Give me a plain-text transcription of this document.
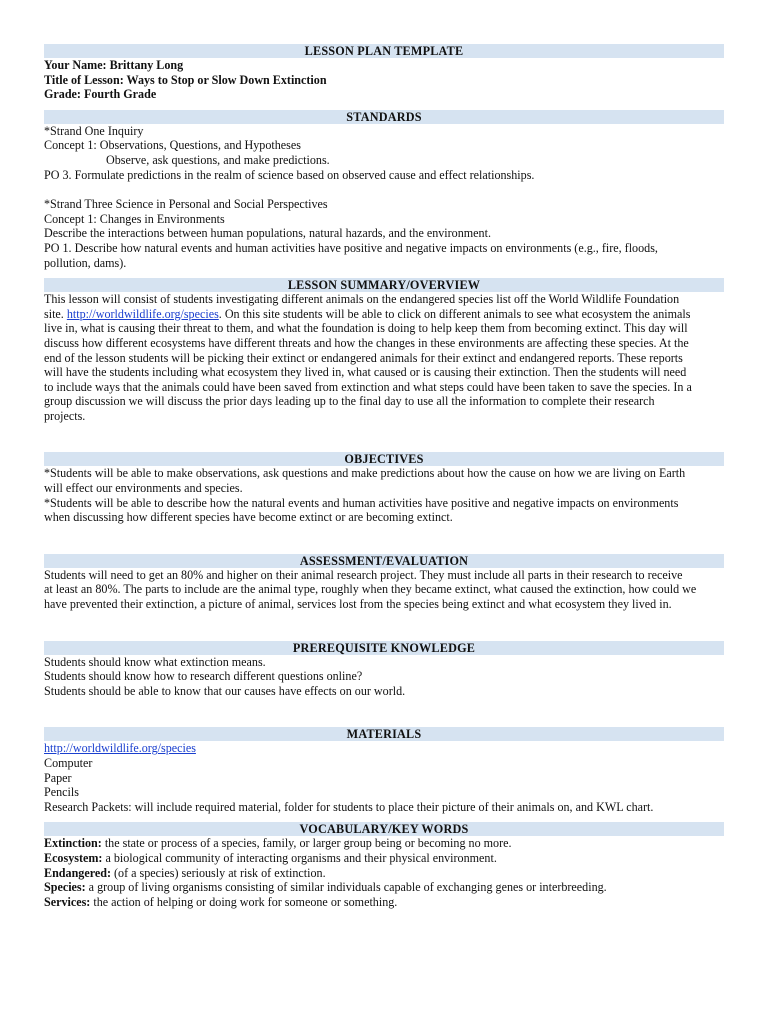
LESSON PLAN TEMPLATE
Your Name: Brittany Long
Title of Lesson: Ways to Stop or Slow Down Extinction
Grade: Fourth Grade
STANDARDS
*Strand One Inquiry
Concept 1: Observations, Questions, and Hypotheses
Observe, ask questions, and make predictions.
PO 3. Formulate predictions in the realm of science based on observed cause and effect relationships.
*Strand Three Science in Personal and Social Perspectives
Concept 1: Changes in Environments
Describe the interactions between human populations, natural hazards, and the environment.
PO 1. Describe how natural events and human activities have positive and negative impacts on environments (e.g., fire, floods,
pollution, dams).
LESSON SUMMARY/OVERVIEW
This lesson will consist of students investigating different animals on the endangered species list off the World Wildlife Foundation
site. http://worldwildlife.org/species. On this site students will be able to click on different animals to see what ecosystem the animals
live in, what is causing their threat to them, and what the foundation is doing to help keep them from becoming extinct. This day will
discuss how different ecosystems have different threats and how the changes in these environments are affecting these species. At the
end of the lesson students will be picking their extinct or endangered animals for their extinct and endangered reports. These reports
will have the students including what ecosystem they lived in, what caused or is causing their extinction. Then the students will need
to include ways that the animals could have been saved from extinction and what steps could have been taken to save the species. In a
group discussion we will discuss the prior days leading up to the final day to use all the information to complete their research
projects.
OBJECTIVES
*Students will be able to make observations, ask questions and make predictions about how the cause on how we are living on Earth
will effect our environments and species.
*Students will be able to describe how the natural events and human activities have positive and negative impacts on environments
when discussing how different species have become extinct or are becoming extinct.
ASSESSMENT/EVALUATION
Students will need to get an 80% and higher on their animal research project. They must include all parts in their research to receive
at least an 80%. The parts to include are the animal type, roughly when they became extinct, what caused the extinction, how could we
have prevented their extinction, a picture of animal, services lost from the species being extinct and what ecosystem they lived in.
PREREQUISITE KNOWLEDGE
Students should know what extinction means.
Students should know how to research different questions online?
Students should be able to know that our causes have effects on our world.
MATERIALS
http://worldwildlife.org/species
Computer
Paper
Pencils
Research Packets: will include required material, folder for students to place their picture of their animals on, and KWL chart.
VOCABULARY/KEY WORDS
Extinction: the state or process of a species, family, or larger group being or becoming no more.
Ecosystem: a biological community of interacting organisms and their physical environment.
Endangered: (of a species) seriously at risk of extinction.
Species: a group of living organisms consisting of similar individuals capable of exchanging genes or interbreeding.
Services: the action of helping or doing work for someone or something.
